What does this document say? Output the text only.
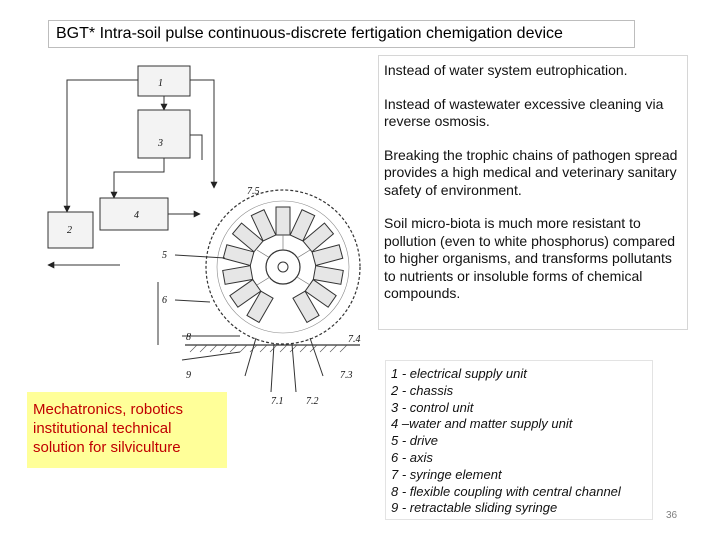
BGT* Intra-soil pulse continuous-discrete fertigation chemigation device
1
3
2
4
7.5
5
6
8
9
7.4
7.3
7.1 7.2

Instead of water system eutrophication.

Instead of wastewater excessive cleaning via reverse osmosis.

Breaking the trophic chains of pathogen spread provides a high medical and veterinary sanitary safety of environment.

Soil micro-biota is much more resistant to pollution (even to white phosphorus) compared to higher organisms, and transforms pollutants to nutrients or insoluble forms of chemical compounds.

1 - electrical supply unit
2 - chassis
3 - control unit
4 –water and matter supply unit
5 - drive
6 - axis
7 - syringe element
8 - flexible coupling with central channel
9 - retractable sliding syringe
Mechatronics, robotics institutional technical solution for silviculture
36
